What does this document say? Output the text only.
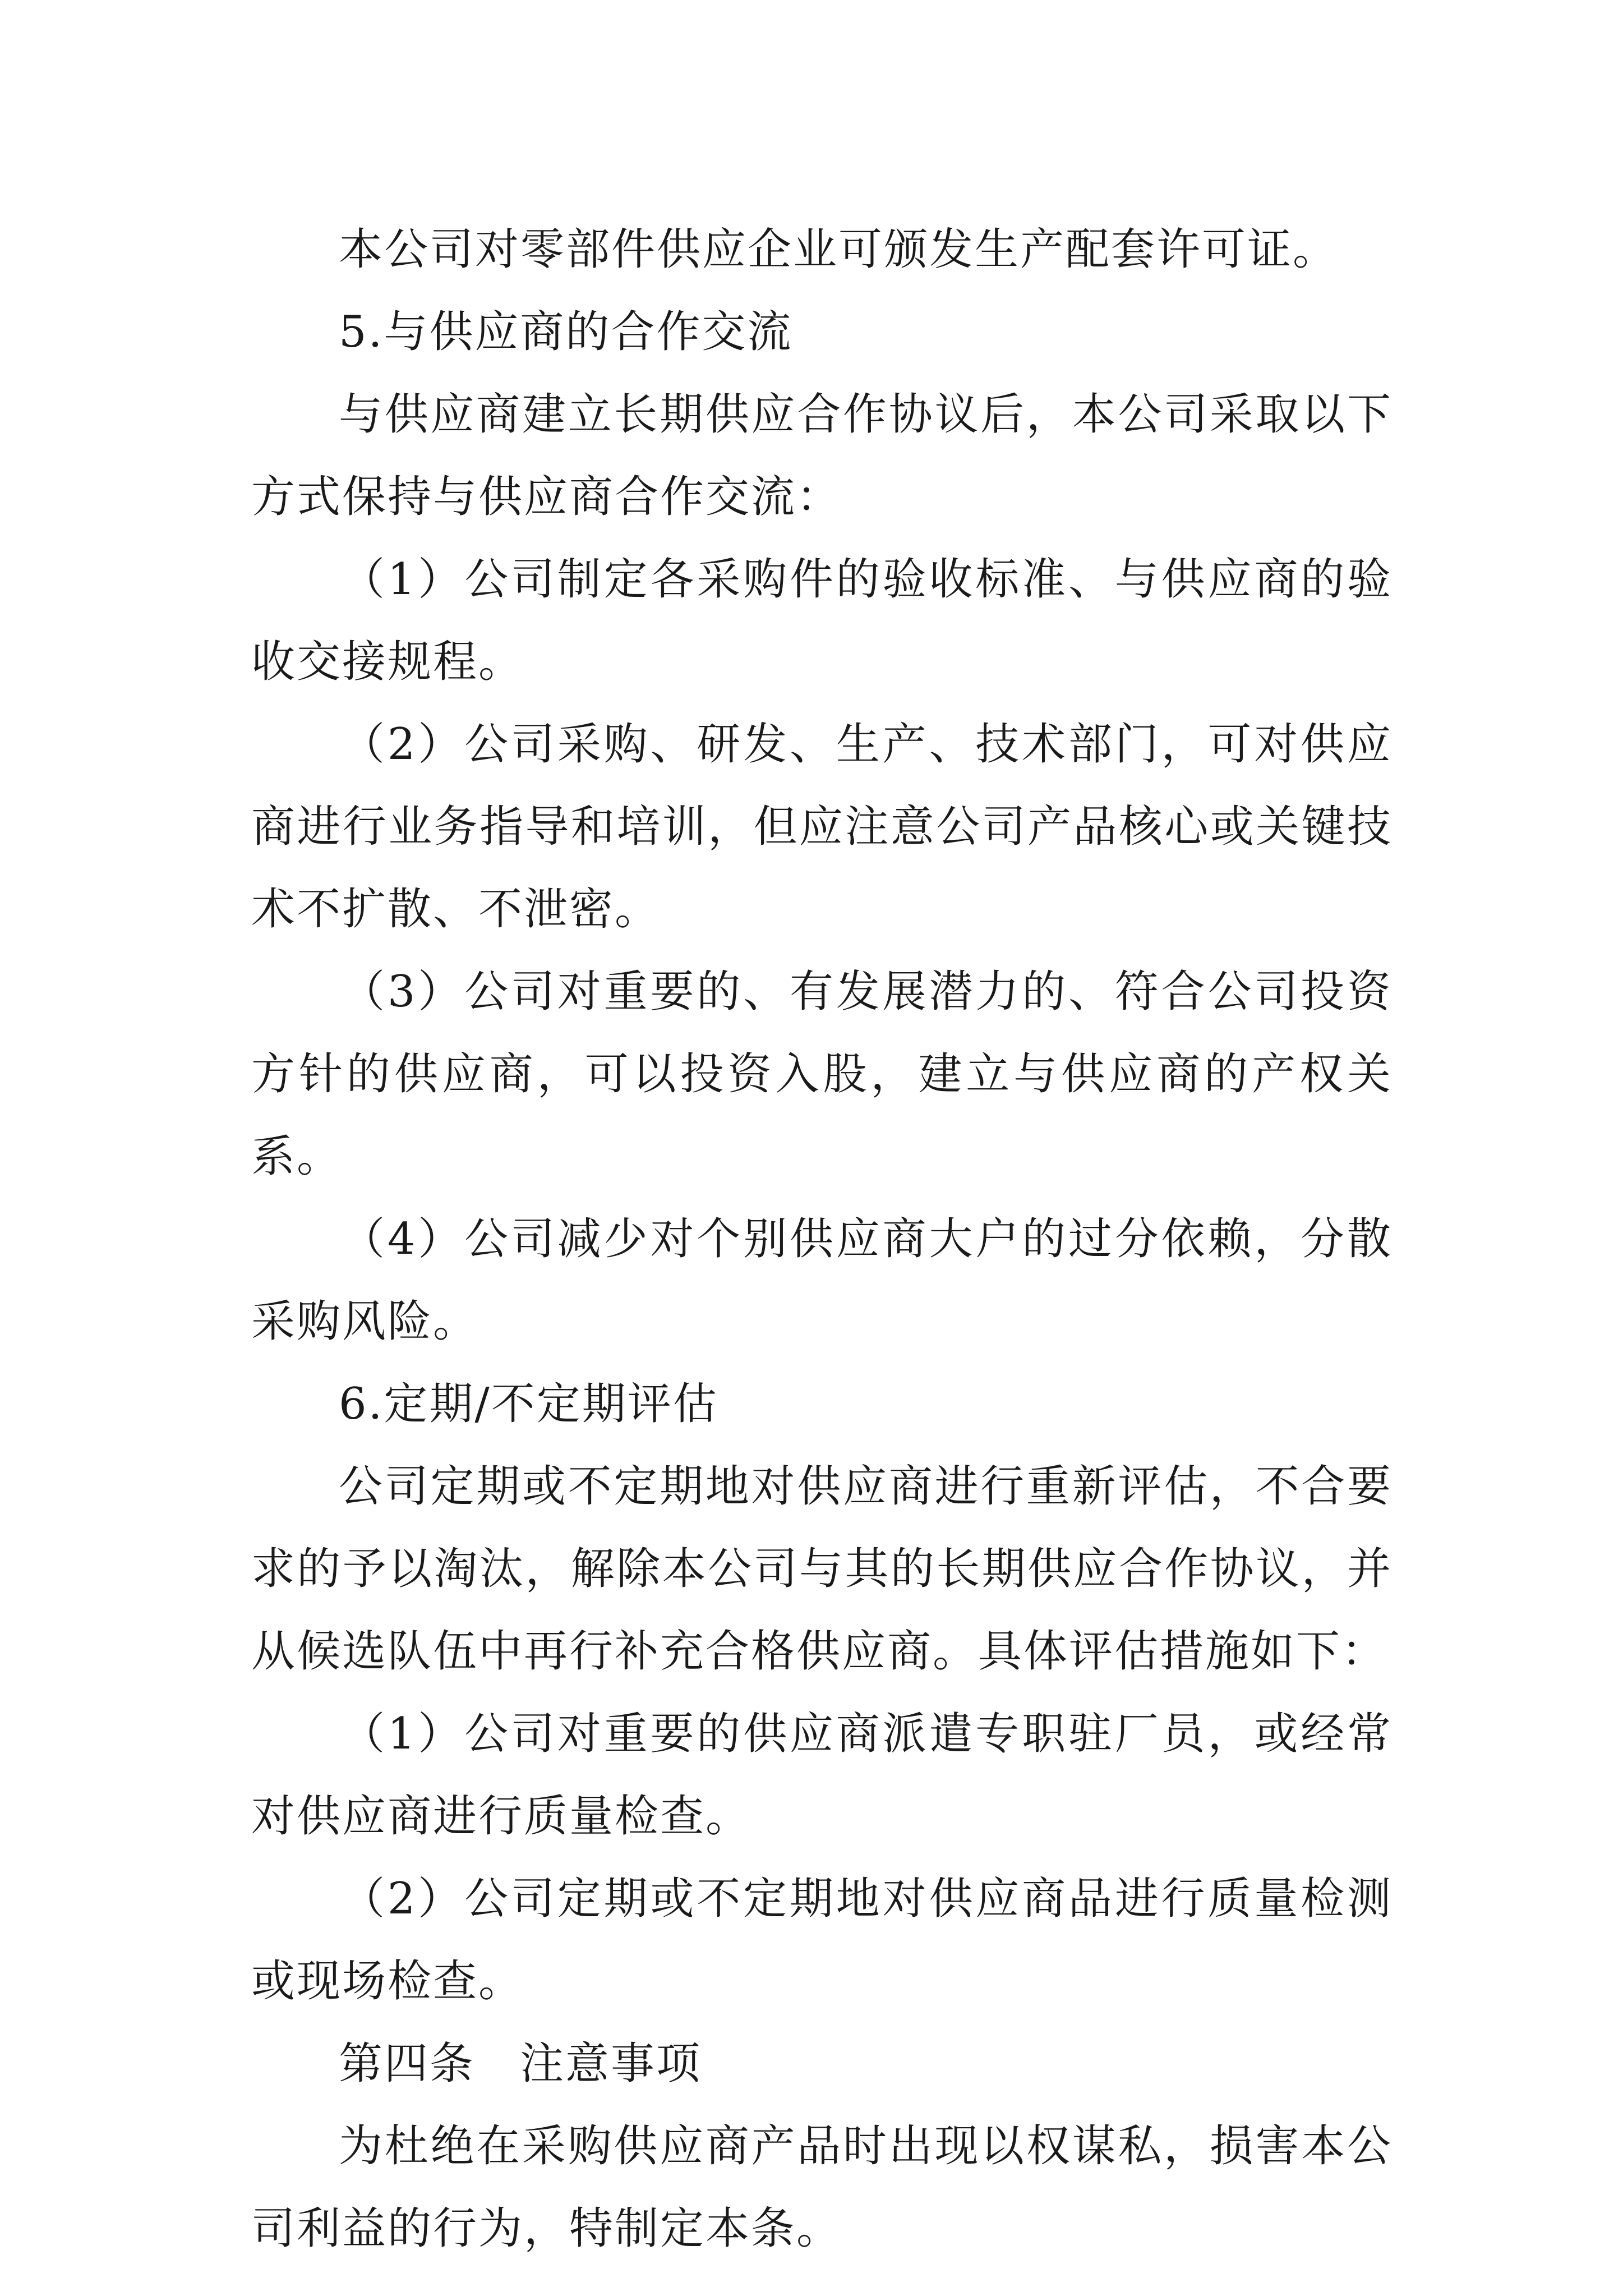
本公司对零部件供应企业可颁发生产配套许可证。

5.与供应商的合作交流

与供应商建立长期供应合作协议后，本公司采取以下方式保持与供应商合作交流：

（1）公司制定各采购件的验收标准、与供应商的验收交接规程。

（2）公司采购、研发、生产、技术部门，可对供应商进行业务指导和培训，但应注意公司产品核心或关键技术不扩散、不泄密。

（3）公司对重要的、有发展潜力的、符合公司投资方针的供应商，可以投资入股，建立与供应商的产权关系。

（4）公司减少对个别供应商大户的过分依赖，分散采购风险。

6.定期/不定期评估

公司定期或不定期地对供应商进行重新评估，不合要求的予以淘汰，解除本公司与其的长期供应合作协议，并从候选队伍中再行补充合格供应商。具体评估措施如下：

（1）公司对重要的供应商派遣专职驻厂员，或经常对供应商进行质量检查。

（2）公司定期或不定期地对供应商品进行质量检测或现场检查。

第四条 注意事项

为杜绝在采购供应商产品时出现以权谋私，损害本公司利益的行为，特制定本条。
